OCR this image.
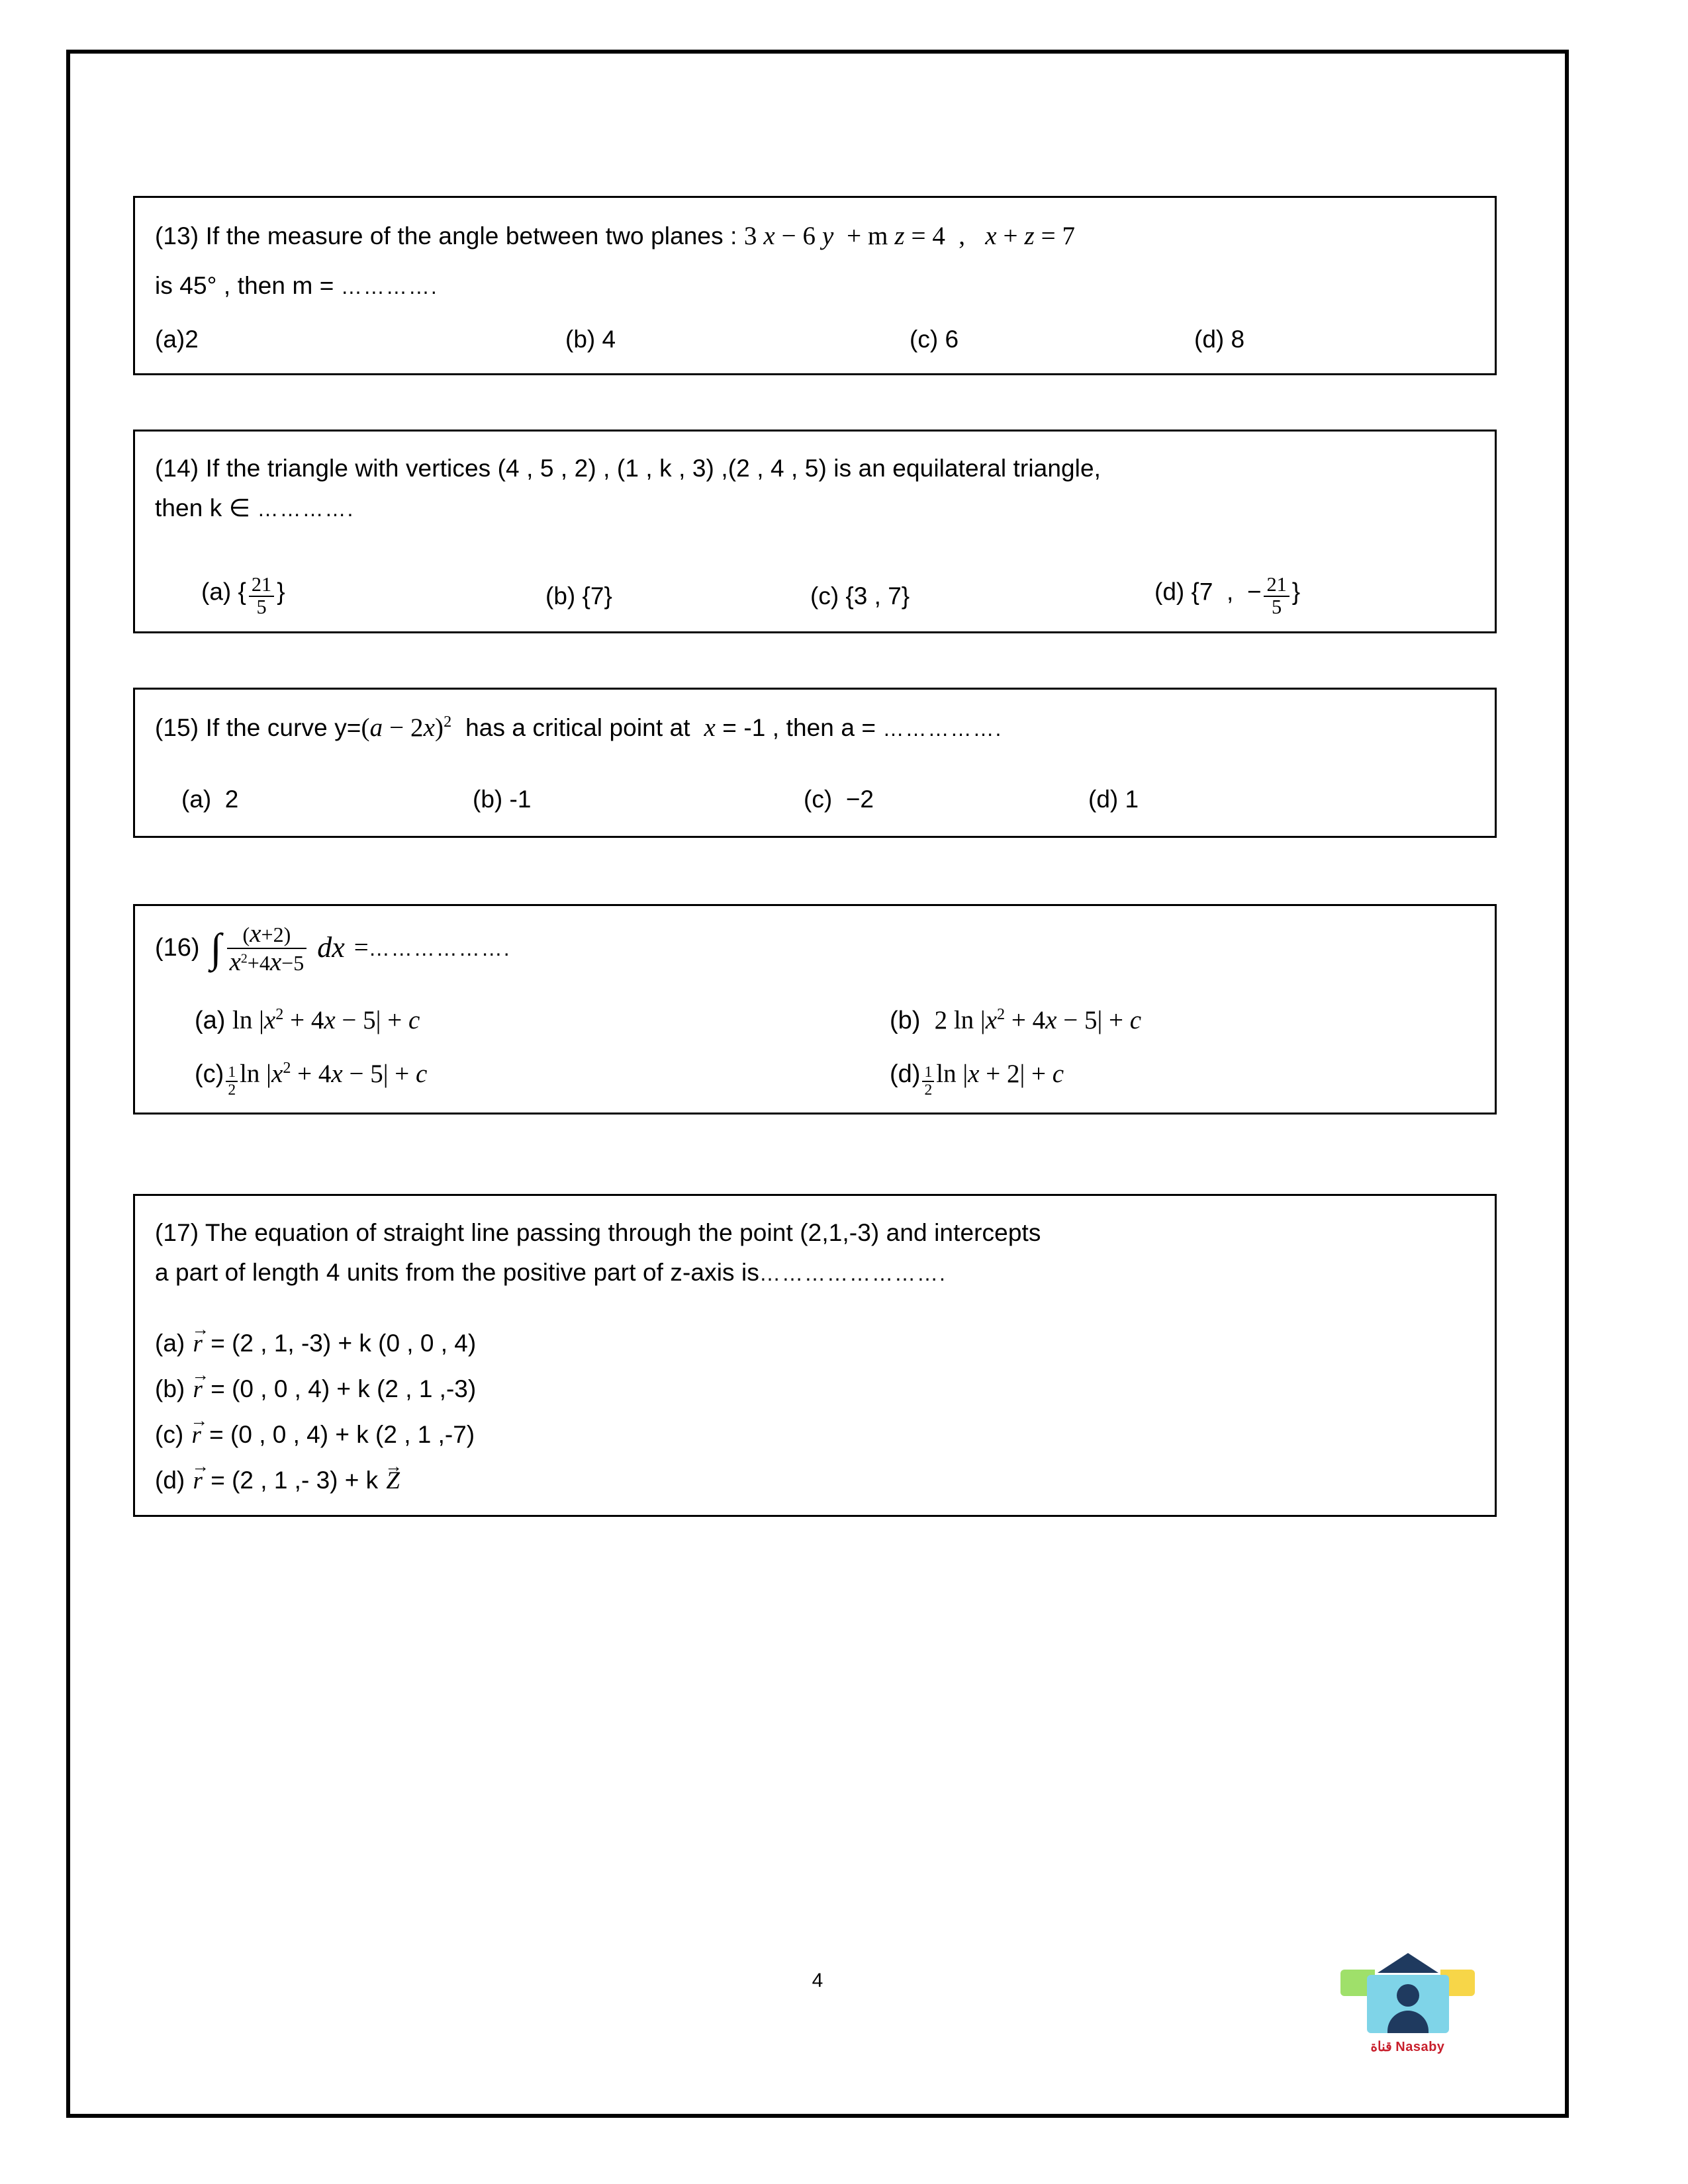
(13) If the measure of the angle between two planes : 3 x − 6 y  + m z = 4  ,   x + z = 7
is 45° , then m = ………….
(a)2	(b) 4	(c) 6	(d) 8
(14) If the triangle with vertices (4 , 5 , 2) , (1 , k , 3) ,(2 , 4 , 5) is an equilateral triangle,
then k ∈ ………….
(a) { $\frac{21}{5}$ }	(b) {7}	(c) {3 , 7}	(d) {7  ,  − $\frac{21}{5}$ }
(15) If the curve $y=(a - 2x)^2$  has a critical point at  x = -1 , then a = …………….
(a)  2	(b) -1	(c)  −2	(d) 1
(16) ∫ $\frac{(x+2)}{x^2+4x-5}$ dx = ……………….
(a) $\ln |x^2 + 4x - 5| + c$	(b) 2 $\ln |x^2 + 4x - 5| + c$
$(c) \frac{1}{2}$ $\ln |x^2 + 4x - 5| + c$	$(d) \frac{1}{2}$ ln |x + 2| + c
(17) The equation of straight line passing through the point (2,1,-3) and intercepts
a part of length 4 units from the positive part of z-axis is…………………….
(a) r → = (2 , 1, -3) + k (0 , 0 , 4)
(b) r → = (0 , 0 , 4) + k (2 , 1 ,-3)
(c) r → = (0 , 0 , 4) + k (2 , 1 ,-7)
(d) r → = (2 , 1 ,- 3) + k Z →
4
قناة Nasaby
